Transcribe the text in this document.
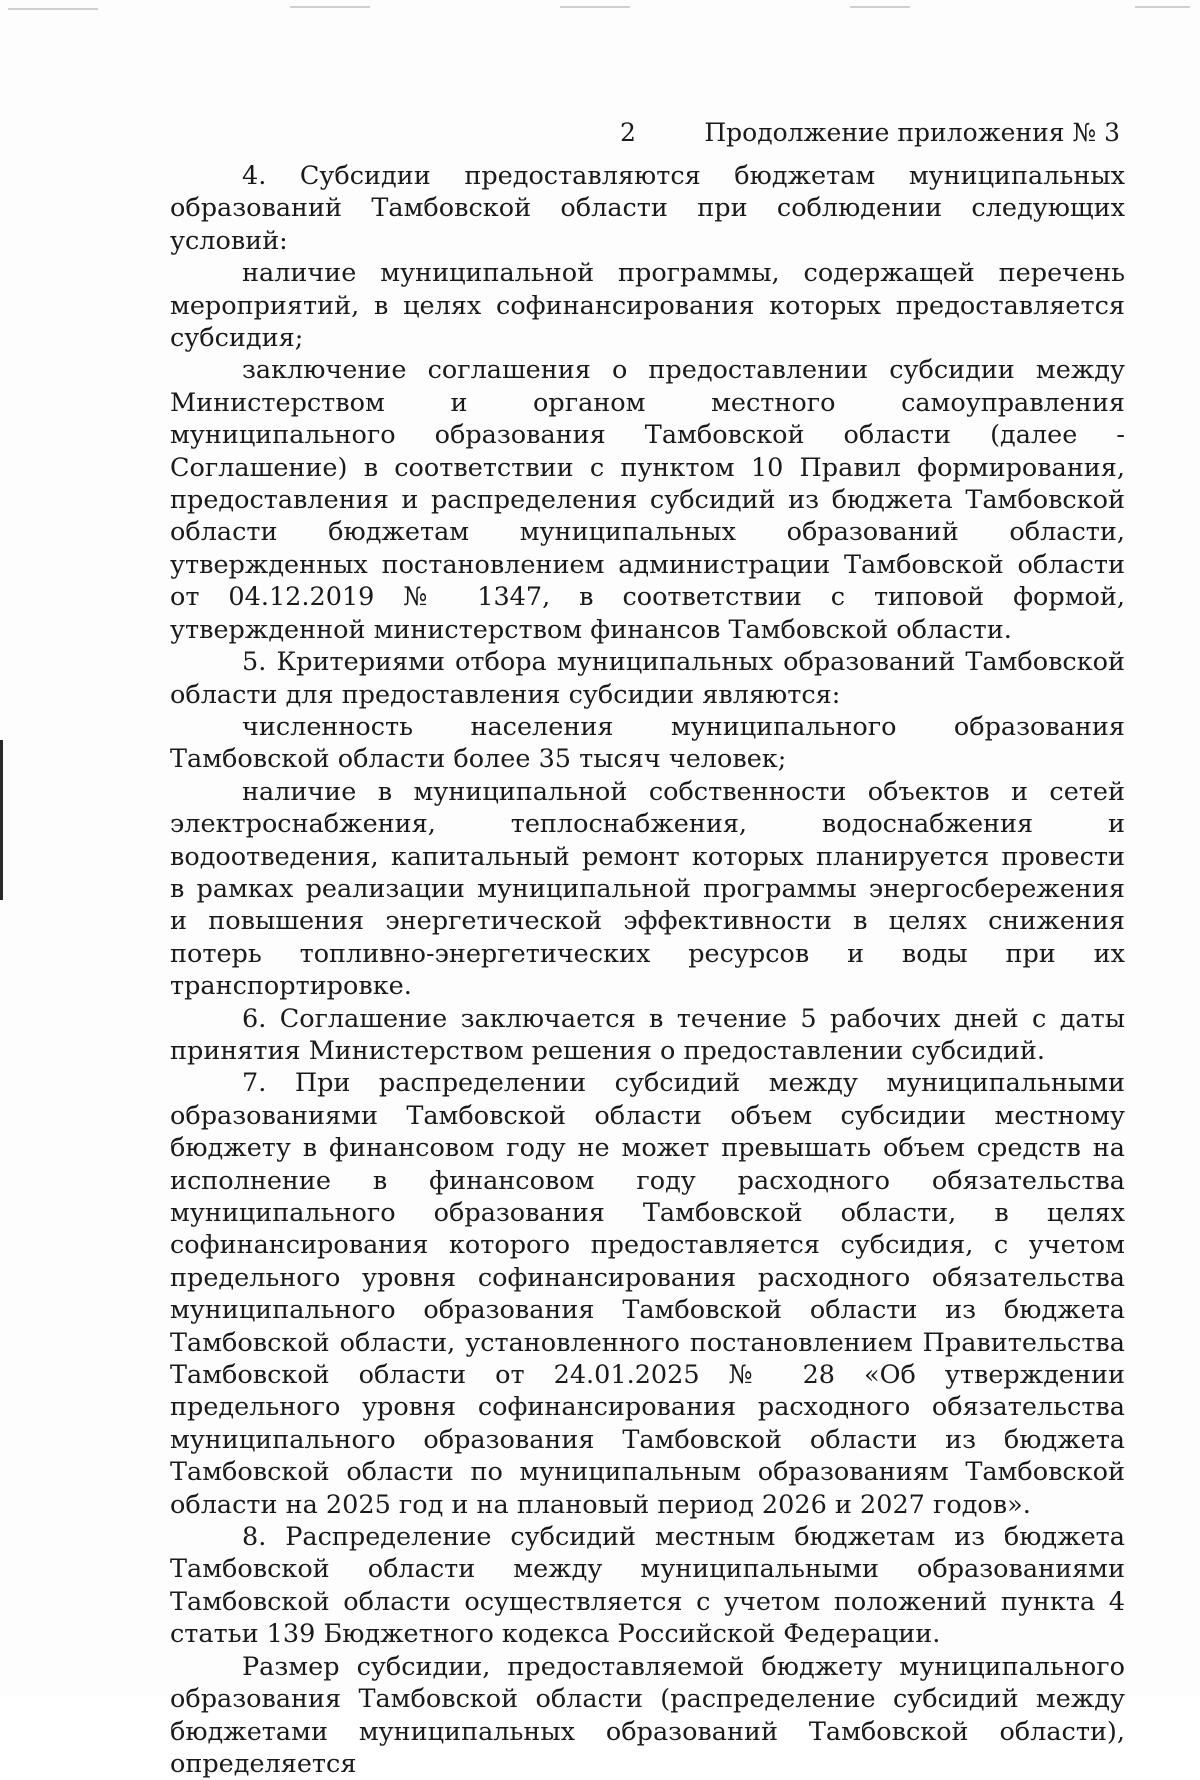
2	Продолжение приложения № 3

4. Субсидии предоставляются бюджетам муниципальных образований Тамбовской области при соблюдении следующих условий:

наличие муниципальной программы, содержащей перечень мероприятий, в целях софинансирования которых предоставляется субсидия;

заключение соглашения о предоставлении субсидии между Министерством и органом местного самоуправления муниципального образования Тамбовской области (далее - Соглашение) в соответствии с пунктом 10 Правил формирования, предоставления и распределения субсидий из бюджета Тамбовской области бюджетам муниципальных образований области, утвержденных постановлением администрации Тамбовской области от 04.12.2019 № 1347, в соответствии с типовой формой, утвержденной министерством финансов Тамбовской области.

5. Критериями отбора муниципальных образований Тамбовской области для предоставления субсидии являются:

численность населения муниципального образования Тамбовской области более 35 тысяч человек;

наличие в муниципальной собственности объектов и сетей электроснабжения, теплоснабжения, водоснабжения и водоотведения, капитальный ремонт которых планируется провести в рамках реализации муниципальной программы энергосбережения и повышения энергетической эффективности в целях снижения потерь топливно-энергетических ресурсов и воды при их транспортировке.

6. Соглашение заключается в течение 5 рабочих дней с даты принятия Министерством решения о предоставлении субсидий.

7. При распределении субсидий между муниципальными образованиями Тамбовской области объем субсидии местному бюджету в финансовом году не может превышать объем средств на исполнение в финансовом году расходного обязательства муниципального образования Тамбовской области, в целях софинансирования которого предоставляется субсидия, с учетом предельного уровня софинансирования расходного обязательства муниципального образования Тамбовской области из бюджета Тамбовской области, установленного постановлением Правительства Тамбовской области от 24.01.2025 № 28 «Об утверждении предельного уровня софинансирования расходного обязательства муниципального образования Тамбовской области из бюджета Тамбовской области по муниципальным образованиям Тамбовской области на 2025 год и на плановый период 2026 и 2027 годов».

8. Распределение субсидий местным бюджетам из бюджета Тамбовской области между муниципальными образованиями Тамбовской области осуществляется с учетом положений пункта 4 статьи 139 Бюджетного кодекса Российской Федерации.

Размер субсидии, предоставляемой бюджету муниципального образования Тамбовской области (распределение субсидий между бюджетами муниципальных образований Тамбовской области), определяется
